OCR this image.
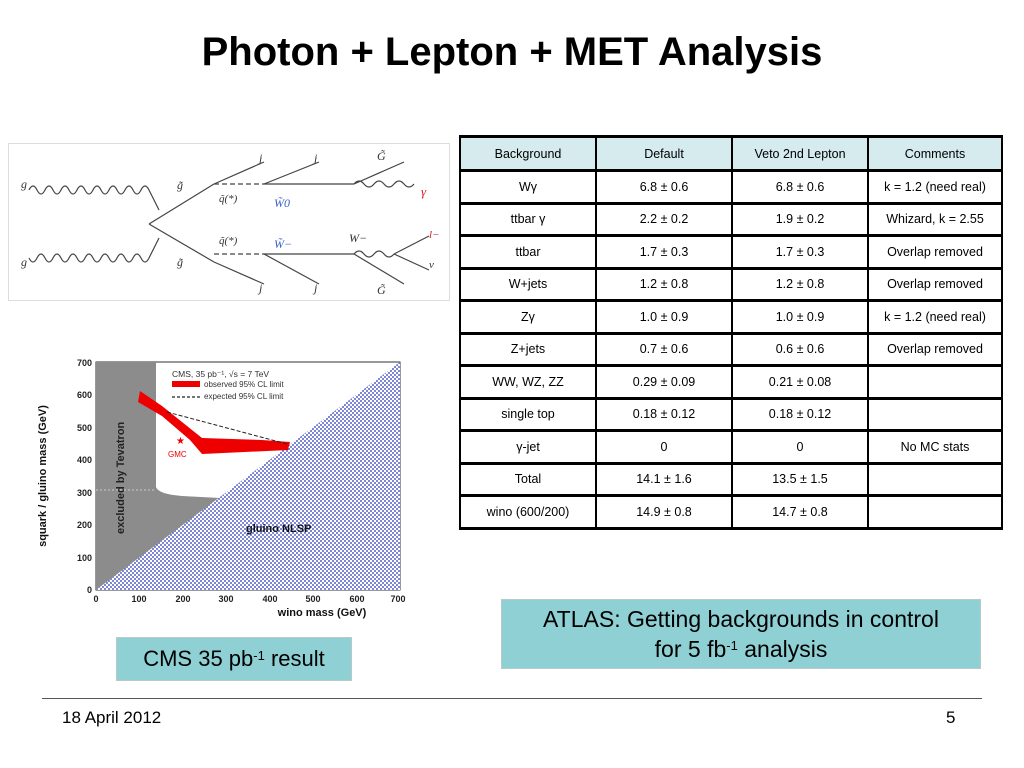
Photon + Lepton + MET Analysis
g
g
g̃
g̃
q̃(*)
q̃(*)
W̃0
W̃−
j	j
j	j
G̃
G̃
γ
W−	l−
ν
CMS, 35 pb⁻¹, √s = 7 TeV
observed 95% CL limit
expected 95% CL limit
★
GMC
excluded by Tevatron	gluino NLSP
700
600
500
400
300
200
100
0
0	100	200	300	400	500	600	700
squark / gluino mass (GeV)
wino mass (GeV)
Background	Default	Veto 2nd Lepton	Comments
Wγ	6.8 ± 0.6	6.8 ± 0.6	k = 1.2 (need real)
ttbar γ	2.2 ± 0.2	1.9 ± 0.2	Whizard, k = 2.55
ttbar	1.7 ± 0.3	1.7 ± 0.3	Overlap removed
W+jets	1.2 ± 0.8	1.2 ± 0.8	Overlap removed
Zγ	1.0 ± 0.9	1.0 ± 0.9	k = 1.2 (need real)
Z+jets	0.7 ± 0.6	0.6 ± 0.6	Overlap removed
WW, WZ, ZZ	0.29 ± 0.09	0.21 ± 0.08	
single top	0.18 ± 0.12	0.18 ± 0.12	
γ-jet	0	0	No MC stats
Total	14.1 ± 1.6	13.5 ± 1.5	
wino (600/200)	14.9 ± 0.8	14.7 ± 0.8	
ATLAS: Getting backgrounds in control
for 5 $fb^{-1}$ analysis
CMS 35 $pb^{-1}$ result
18 April 2012	5
